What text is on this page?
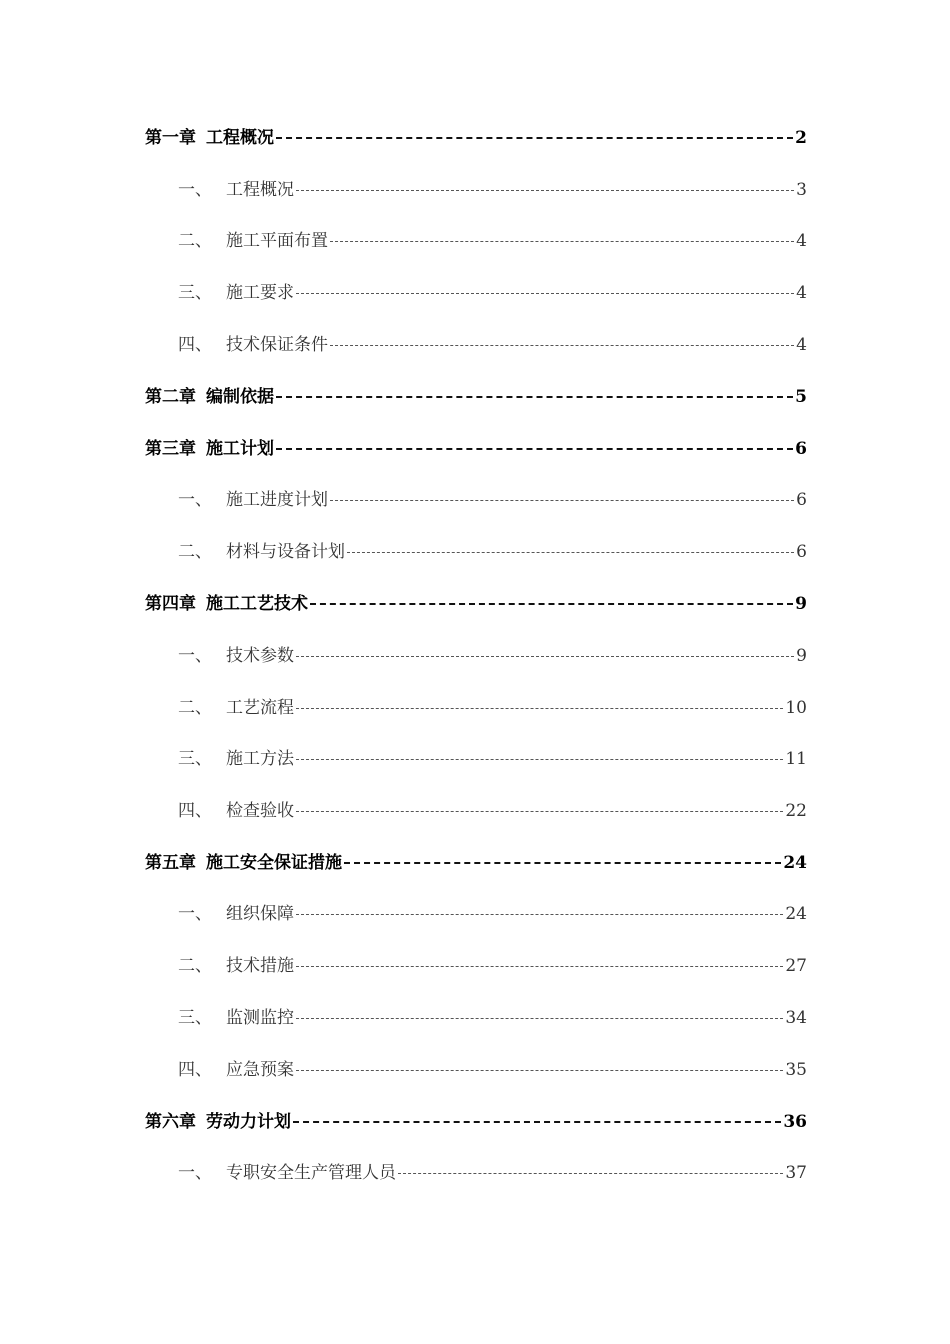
第一章 工程概况	2
一、 工程概况	3
二、 施工平面布置	4
三、 施工要求	4
四、 技术保证条件	4
第二章 编制依据	5
第三章 施工计划	6
一、 施工进度计划	6
二、 材料与设备计划	6
第四章 施工工艺技术	9
一、 技术参数	9
二、 工艺流程	10
三、 施工方法	11
四、 检查验收	22
第五章 施工安全保证措施	24
一、 组织保障	24
二、 技术措施	27
三、 监测监控	34
四、 应急预案	35
第六章 劳动力计划	36
一、 专职安全生产管理人员	37
